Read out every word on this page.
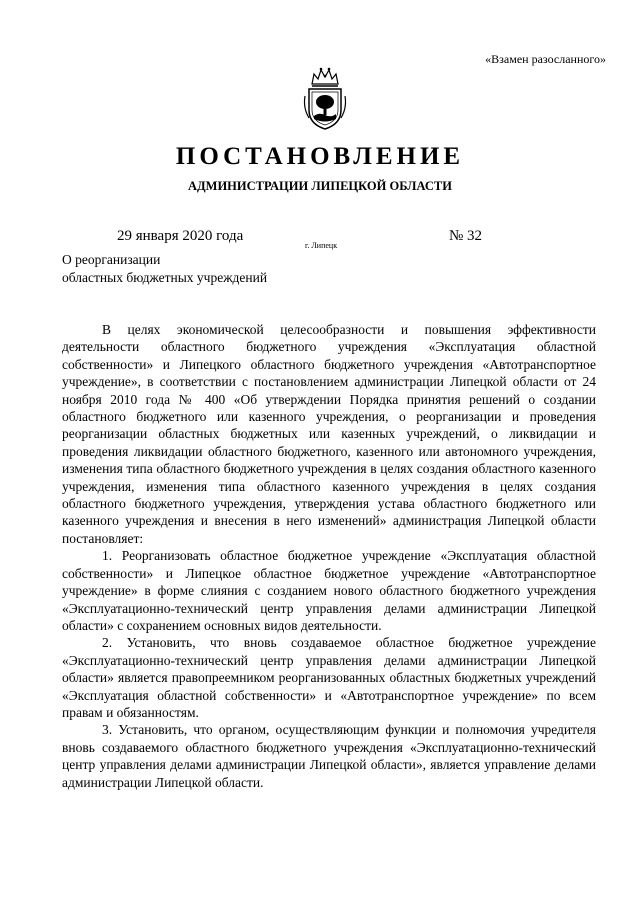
«Взамен разосланного»
ПОСТАНОВЛЕНИЕ
АДМИНИСТРАЦИИ ЛИПЕЦКОЙ ОБЛАСТИ
29 января 2020 года
г. Липецк
№ 32
О реорганизации
областных бюджетных учреждений

В целях экономической целесообразности и повышения эффективности деятельности областного бюджетного учреждения «Эксплуатация областной собственности» и Липецкого областного бюджетного учреждения «Автотранспортное учреждение», в соответствии с постановлением администрации Липецкой области от 24 ноября 2010 года № 400 «Об утверждении Порядка принятия решений о создании областного бюджетного или казенного учреждения, о реорганизации и проведения реорганизации областных бюджетных или казенных учреждений, о ликвидации и проведения ликвидации областного бюджетного, казенного или автономного учреждения, изменения типа областного бюджетного учреждения в целях создания областного казенного учреждения, изменения типа областного казенного учреждения в целях создания областного бюджетного учреждения, утверждения устава областного бюджетного или казенного учреждения и внесения в него изменений» администрация Липецкой области постановляет:

1. Реорганизовать областное бюджетное учреждение «Эксплуатация областной собственности» и Липецкое областное бюджетное учреждение «Автотранспортное учреждение» в форме слияния с созданием нового областного бюджетного учреждения «Эксплуатационно-технический центр управления делами администрации Липецкой области» с сохранением основных видов деятельности.

2. Установить, что вновь создаваемое областное бюджетное учреждение «Эксплуатационно-технический центр управления делами администрации Липецкой области» является правопреемником реорганизованных областных бюджетных учреждений «Эксплуатация областной собственности» и «Автотранспортное учреждение» по всем правам и обязанностям.

3. Установить, что органом, осуществляющим функции и полномочия учредителя вновь создаваемого областного бюджетного учреждения «Эксплуатационно-технический центр управления делами администрации Липецкой области», является управление делами администрации Липецкой области.
